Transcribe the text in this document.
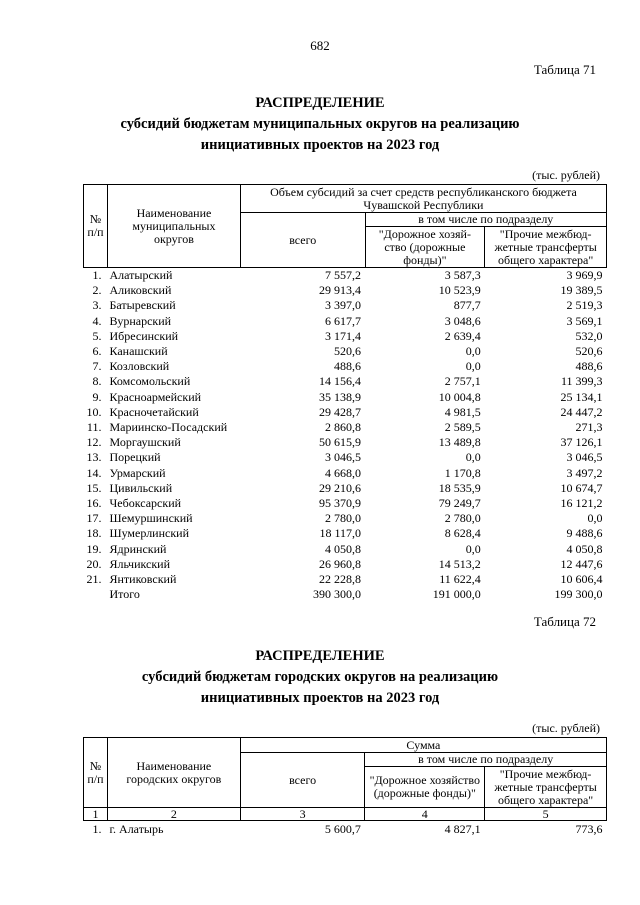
682
Таблица 71
РАСПРЕДЕЛЕНИЕ
субсидий бюджетам муниципальных округов на реализацию
инициативных проектов на 2023 год
(тыс. рублей)
№ п/п	Наименование муниципальных округов	Объем субсидий за счет средств республиканского бюджета Чувашской Республики		
		всего	в том числе по подразделу	
			"Дорожное хозяй-ство (дорожные фонды)"	"Прочие межбюд-жетные трансферты общего характера"
1.	Алатырский	7 557,2	3 587,3	3 969,9
2.	Аликовский	29 913,4	10 523,9	19 389,5
3.	Батыревский	3 397,0	877,7	2 519,3
4.	Вурнарский	6 617,7	3 048,6	3 569,1
5.	Ибресинский	3 171,4	2 639,4	532,0
6.	Канашский	520,6	0,0	520,6
7.	Козловский	488,6	0,0	488,6
8.	Комсомольский	14 156,4	2 757,1	11 399,3
9.	Красноармейский	35 138,9	10 004,8	25 134,1
10.	Красночетайский	29 428,7	4 981,5	24 447,2
11.	Мариинско-Посадский	2 860,8	2 589,5	271,3
12.	Моргаушский	50 615,9	13 489,8	37 126,1
13.	Порецкий	3 046,5	0,0	3 046,5
14.	Урмарский	4 668,0	1 170,8	3 497,2
15.	Цивильский	29 210,6	18 535,9	10 674,7
16.	Чебоксарский	95 370,9	79 249,7	16 121,2
17.	Шемуршинский	2 780,0	2 780,0	0,0
18.	Шумерлинский	18 117,0	8 628,4	9 488,6
19.	Ядринский	4 050,8	0,0	4 050,8
20.	Яльчикский	26 960,8	14 513,2	12 447,6
21.	Янтиковский	22 228,8	11 622,4	10 606,4
	Итого	390 300,0	191 000,0	199 300,0
Таблица 72
РАСПРЕДЕЛЕНИЕ
субсидий бюджетам городских округов на реализацию
инициативных проектов на 2023 год
(тыс. рублей)
№ п/п	Наименование городских округов	Сумма		
		всего	в том числе по подразделу	
			"Дорожное хозяйство (дорожные фонды)"	"Прочие межбюд-жетные трансферты общего характера"
1	2	3	4	5
1.	г. Алатырь	5 600,7	4 827,1	773,6
